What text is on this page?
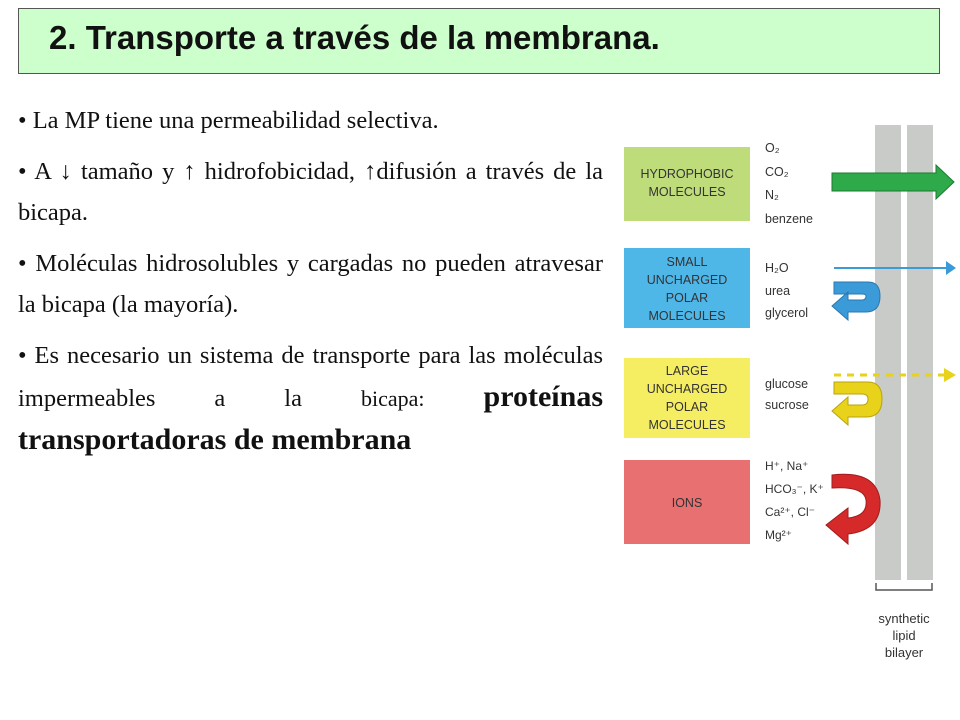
2. Transporte a través de la membrana.

• La MP tiene una permeabilidad selectiva.

• A ↓ tamaño y ↑ hidrofobicidad, ↑difusión a través de la bicapa.

• Moléculas hidrosolubles y cargadas no pueden atravesar la bicapa (la mayoría).

• Es necesario un sistema de transporte para las moléculas impermeables a la bicapa: proteínas transportadoras de membrana

synthetic
lipid
bilayer
HYDROPHOBIC
MOLECULES
O₂
CO₂
N₂
benzene
SMALL
UNCHARGED
POLAR
MOLECULES
H₂O
urea
glycerol
LARGE
UNCHARGED
POLAR
MOLECULES
glucose
sucrose
IONS
H⁺, Na⁺
HCO₃⁻, K⁺
Ca²⁺, Cl⁻
Mg²⁺
